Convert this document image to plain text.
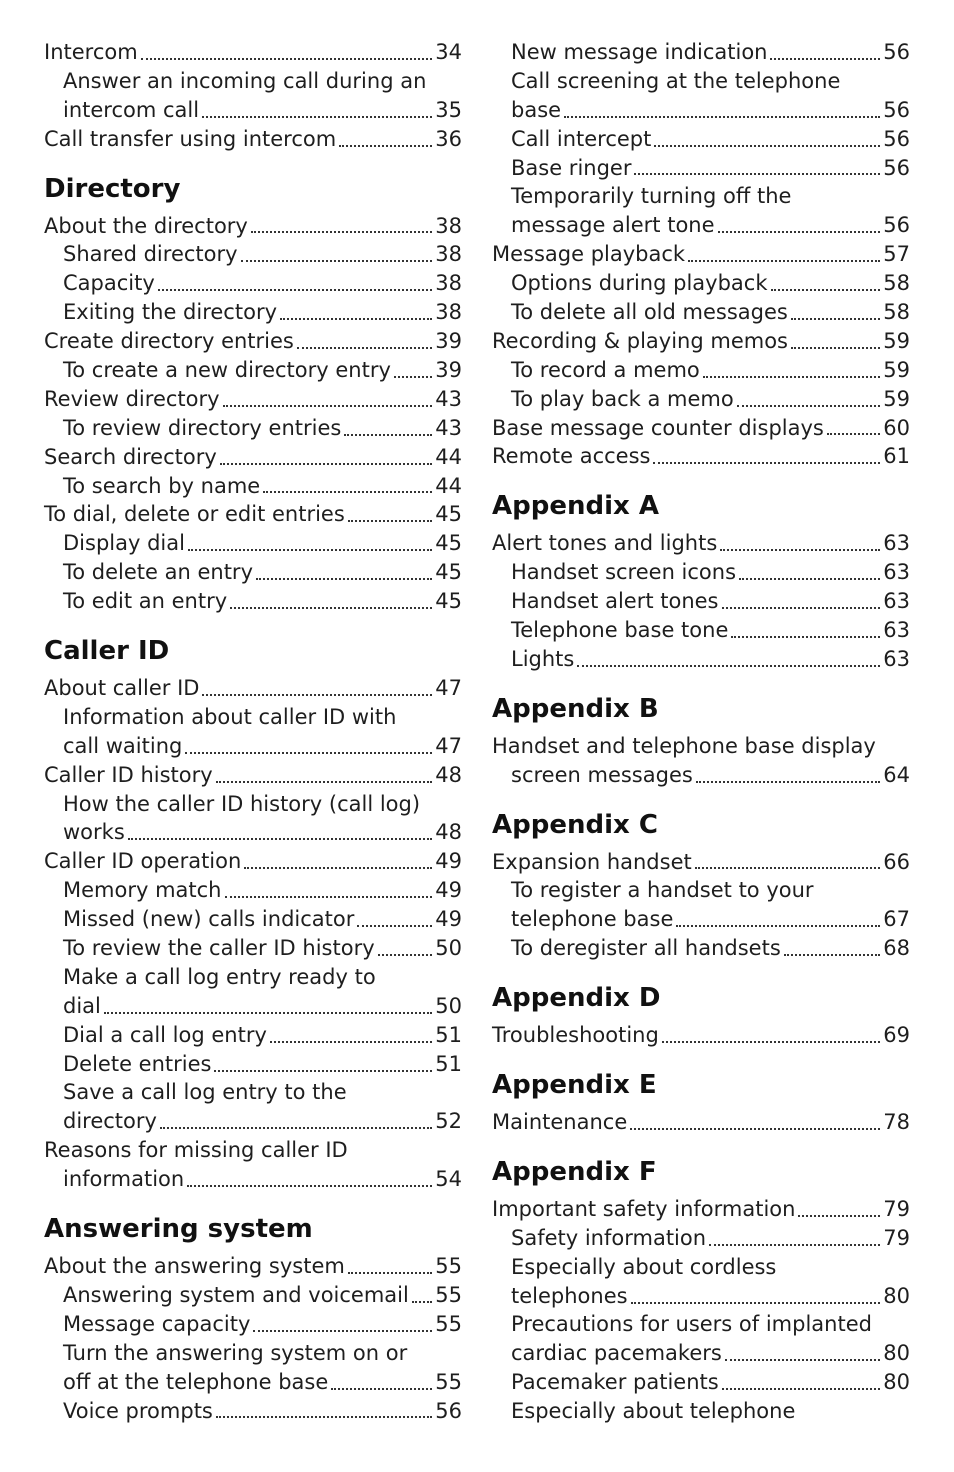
Intercom	34
Answer an incoming call during an
intercom call	35
Call transfer using intercom	36
Directory
About the directory	38
Shared directory	38
Capacity	38
Exiting the directory	38
Create directory entries	39
To create a new directory entry 39
Review directory	43
To review directory entries	43
Search directory	44
To search by name	44
To dial, delete or edit entries	45
Display dial	45
To delete an entry	45
To edit an entry	45
Caller ID
About caller ID	47
Information about caller ID with
call waiting	47
Caller ID history	48
How the caller ID history (call log)
works	48
Caller ID operation	49
Memory match	49
Missed (new) calls indicator	49
To review the caller ID history	50
Make a call log entry ready to
dial	50
Dial a call log entry	51
Delete entries	51
Save a call log entry to the
directory	52
Reasons for missing caller ID
information	54
Answering system
About the answering system	55
Answering system and voicemail 55
Message capacity	55
Turn the answering system on or
off at the telephone base	55
Voice prompts	56
New message indication	56
Call screening at the telephone
base	56
Call intercept	56
Base ringer	56
Temporarily turning off the
message alert tone	56
Message playback	57
Options during playback	58
To delete all old messages	58
Recording & playing memos	59
To record a memo	59
To play back a memo	59
Base message counter displays	60
Remote access	61
Appendix A
Alert tones and lights	63
Handset screen icons	63
Handset alert tones	63
Telephone base tone	63
Lights	63
Appendix B
Handset and telephone base display
screen messages	64
Appendix C
Expansion handset	66
To register a handset to your
telephone base	67
To deregister all handsets	68
Appendix D
Troubleshooting	69
Appendix E
Maintenance	78
Appendix F
Important safety information	79
Safety information	79
Especially about cordless
telephones	80
Precautions for users of implanted
cardiac pacemakers	80
Pacemaker patients	80
Especially about telephone
